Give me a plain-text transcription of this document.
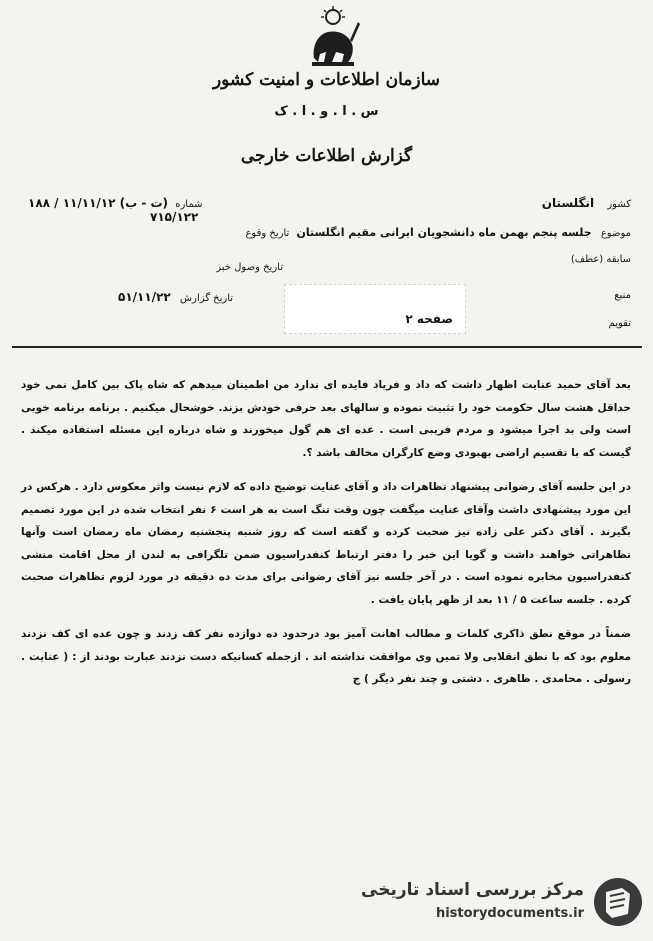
سازمان اطلاعات و امنیت کشور
س . ا . و . ا . ک
گزارش اطلاعات خارجی
کشور انگلستان
شماره ۱۸۸ / ۱۱/۱۱/۱۲ (ت - ب)
۷۱۵/۱۲۲
موضوع جلسه پنجم بهمن ماه دانشجویان ایرانی مقیم انگلستان تاریخ وقوع
سابقه (عطف)
تاریخ وصول خبر
منبع
تاریخ گزارش ۵۱/۱۱/۲۲
تقویم
صفحه ۲

بعد آقای حمید عنایت اظهار داشت که داد و فریاد فایده ای ندارد من اطمینان میدهم که شاه پاک بین کامل نمی خود حداقل هشت سال حکومت خود را تثبیت نموده و سالهای بعد حرفی خودش بزند. خوشحال میکنیم . برنامه برنامه خوبی است ولی بد اجرا میشود و مردم فریبی است . عده ای هم گول میخورند و شاه درباره این مسئله استفاده میکند . گیست که با تقسیم اراضی بهبودی وضع کارگران مخالف باشد ؟.

در این جلسه آقای رضوانی پیشنهاد تظاهرات داد و آقای عنایت توضیح داده که لازم نیست واثر معکوس دارد . هرکس در این مورد پیشنهادی داشت وآقای عنایت میگفت چون وقت تنگ است به هر است ۶ نفر انتخاب شده در این مورد تصمیم بگیرند . آقای دکتر علی زاده نیز صحبت کرده و گفته است که روز شنبه پنجشنبه رمضان ماه رمضان است وآنها تظاهراتی خواهند داشت و گویا این خبر را دفتر ارتباط کنفدراسیون ضمن تلگرافی به لندن از محل اقامت منشی کنفدراسیون مخابره نموده است . در آخر جلسه نیز آقای رضوانی برای مدت ده دقیقه در مورد لزوم تظاهرات صحبت کرده . جلسه ساعت ۵ / ۱۱ بعد از ظهر پایان یافت .

ضمناً در موقع نطق ذاکری کلمات و مطالب اهانت آمیز بود درحدود ده دوازده نفر کف زدند و چون عده ای کف نزدند معلوم بود که با نطق انقلابی ولا تمیں وی موافقت نداشته اند . ازجمله کسانیکه دست نزدند عبارت بودند از : ( عنایت . رسولی . محامدی . ظاهری . دشتی و چند نفر دیگر ) ج

مرکز بررسی اسناد تاریخی
historydocuments.ir
